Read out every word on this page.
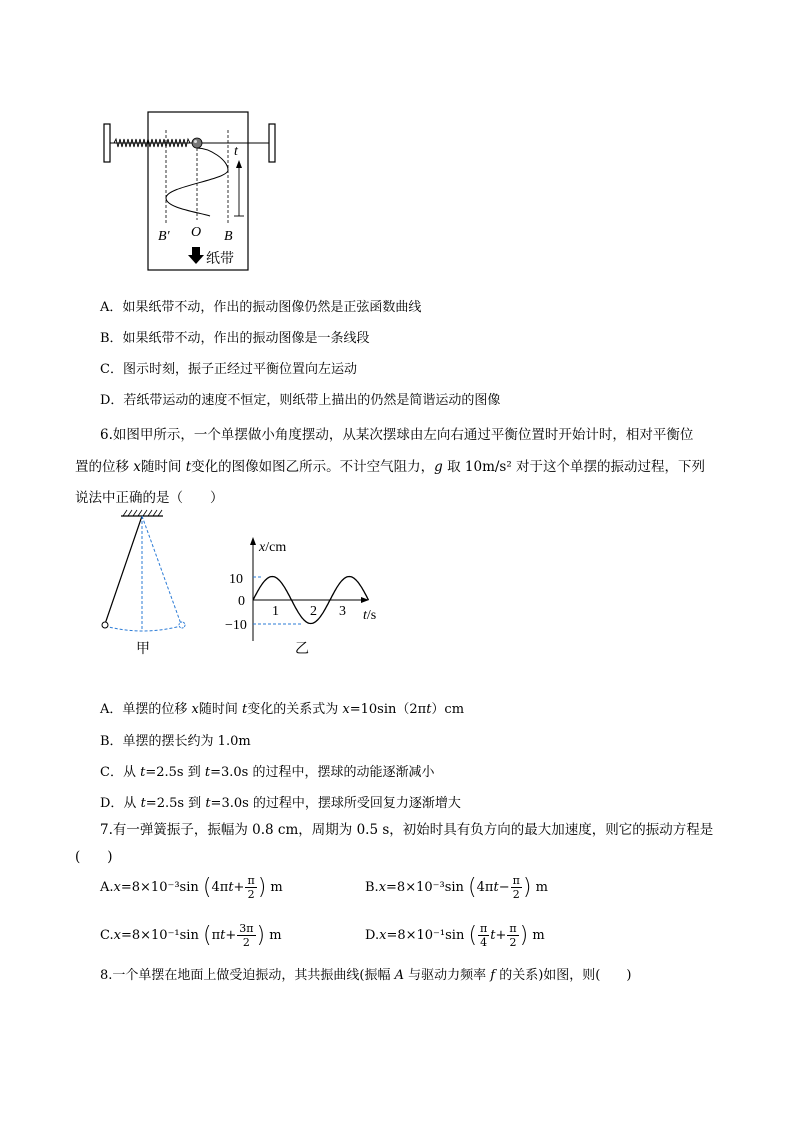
t
B′ O B
纸带
A．如果纸带不动，作出的振动图像仍然是正弦函数曲线
B．如果纸带不动，作出的振动图像是一条线段
C．图示时刻，振子正经过平衡位置向左运动
D．若纸带运动的速度不恒定，则纸带上描出的仍然是简谐运动的图像
6.如图甲所示，一个单摆做小角度摆动，从某次摆球由左向右通过平衡位置时开始计时，相对平衡位
置的位移 x随时间 t变化的图像如图乙所示。不计空气阻力，g 取 10m/s² 对于这个单摆的振动过程，下列
说法中正确的是（　　）
甲
x/cm
t/s
10
0
−10
1 2 3
乙
A．单摆的位移 x随时间 t变化的关系式为 x=10sin（2πt）cm
B．单摆的摆长约为 1.0m
C．从 t=2.5s 到 t=3.0s 的过程中，摆球的动能逐渐减小
D．从 t=2.5s 到 t=3.0s 的过程中，摆球所受回复力逐渐增大
7.有一弹簧振子，振幅为 0.8 cm，周期为 0.5 s，初始时具有负方向的最大加速度，则它的振动方程是
(　　)
A.x=8×10⁻³sin ($4\pi t+ \frac{\pi}{2}$ ) m	B.x=8×10⁻³sin ($4\pi t- \frac{\pi}{2}$ ) m
C.x=8×10⁻¹sin ($\pi t+ \frac{3\pi}{2}$ ) m	D.x=8×10⁻¹sin ( $\frac{\pi}{4} t+ \frac{\pi}{2}$ ) m
8.一个单摆在地面上做受迫振动，其共振曲线(振幅 A 与驱动力频率 f 的关系)如图，则(　　)
